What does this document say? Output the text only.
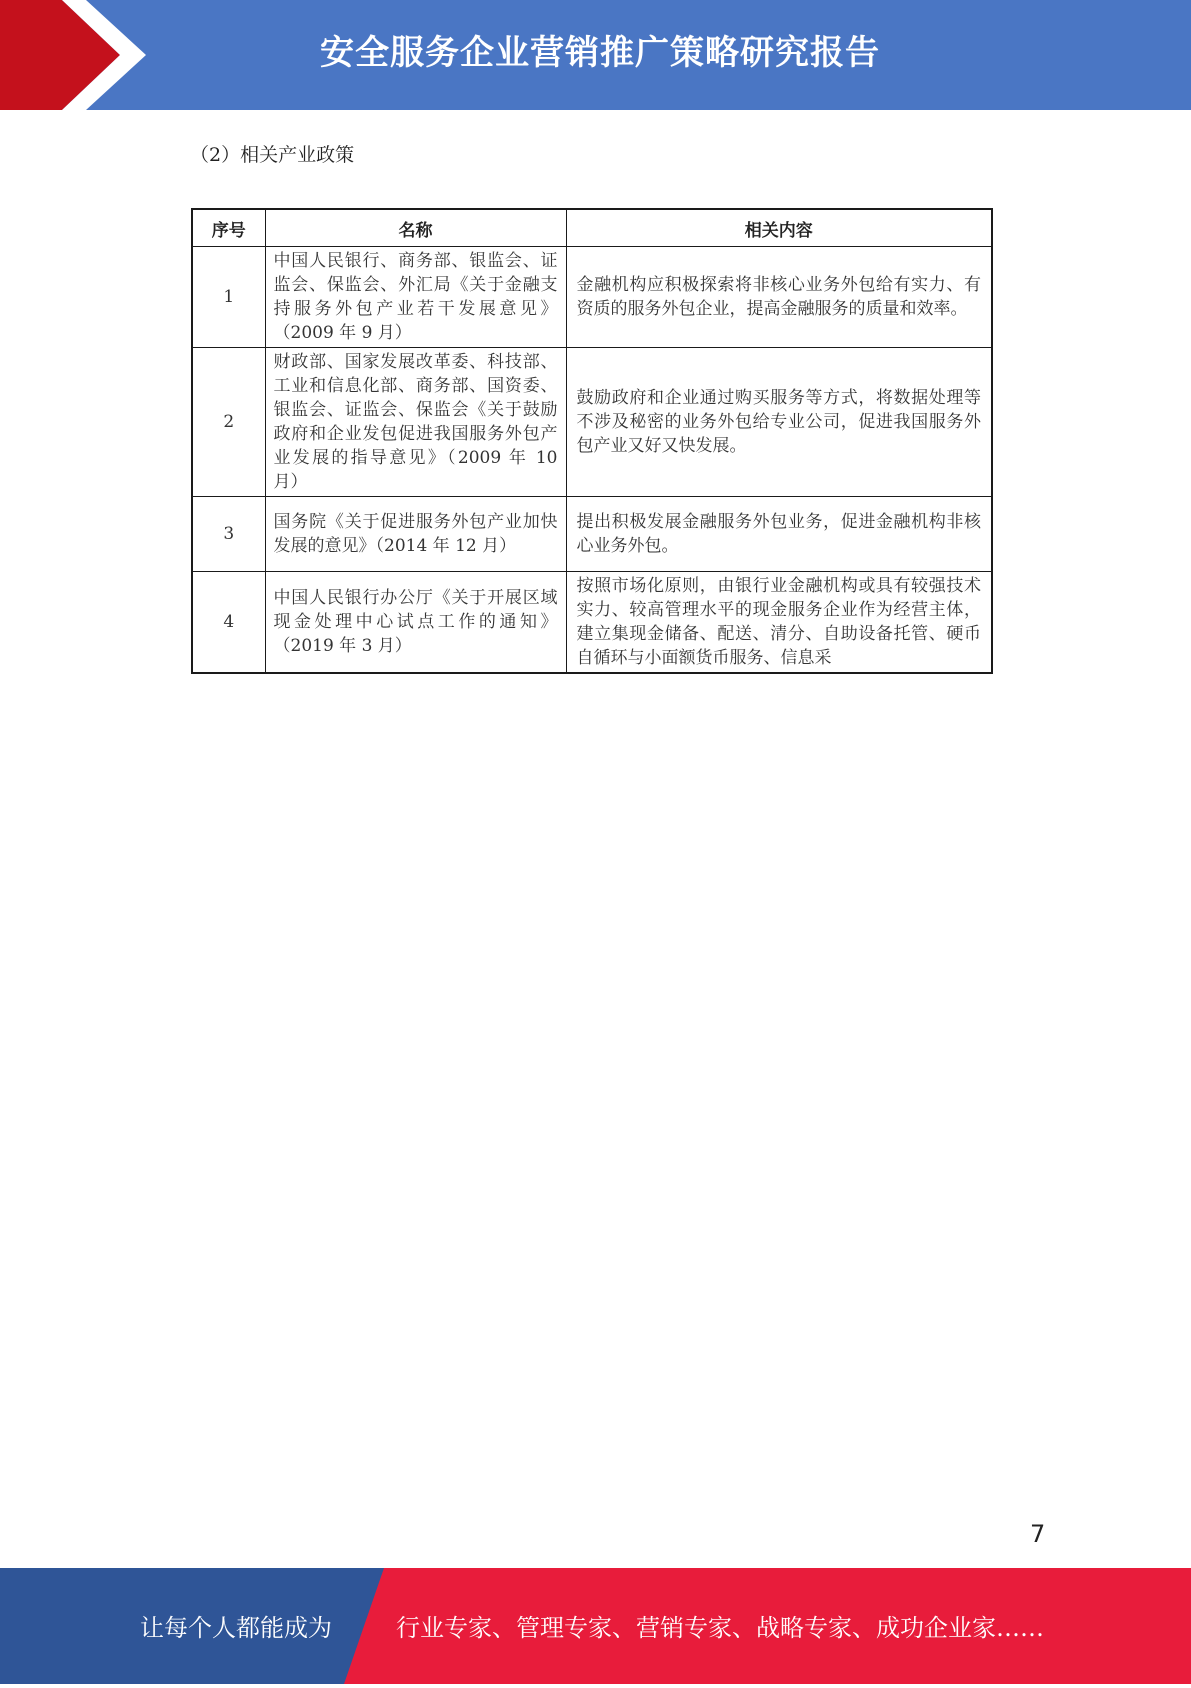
安全服务企业营销推广策略研究报告
（2）相关产业政策
序号	名称	相关内容
1	中国人民银行、商务部、银监会、证监会、保监会、外汇局《关于金融支持服务外包产业若干发展意见》（2009 年 9 月）	金融机构应积极探索将非核心业务外包给有实力、有资质的服务外包企业，提高金融服务的质量和效率。
2	财政部、国家发展改革委、科技部、工业和信息化部、商务部、国资委、银监会、证监会、保监会《关于鼓励政府和企业发包促进我国服务外包产业发展的指导意见》（2009 年 10 月）	鼓励政府和企业通过购买服务等方式，将数据处理等不涉及秘密的业务外包给专业公司，促进我国服务外包产业又好又快发展。
3	国务院《关于促进服务外包产业加快发展的意见》（2014 年 12 月）	提出积极发展金融服务外包业务，促进金融机构非核心业务外包。
4	中国人民银行办公厅《关于开展区域现金处理中心试点工作的通知》（2019 年 3 月）	按照市场化原则，由银行业金融机构或具有较强技术实力、较高管理水平的现金服务企业作为经营主体，建立集现金储备、配送、清分、自助设备托管、硬币自循环与小面额货币服务、信息采
7
让每个人都能成为	行业专家、管理专家、营销专家、战略专家、成功企业家……
